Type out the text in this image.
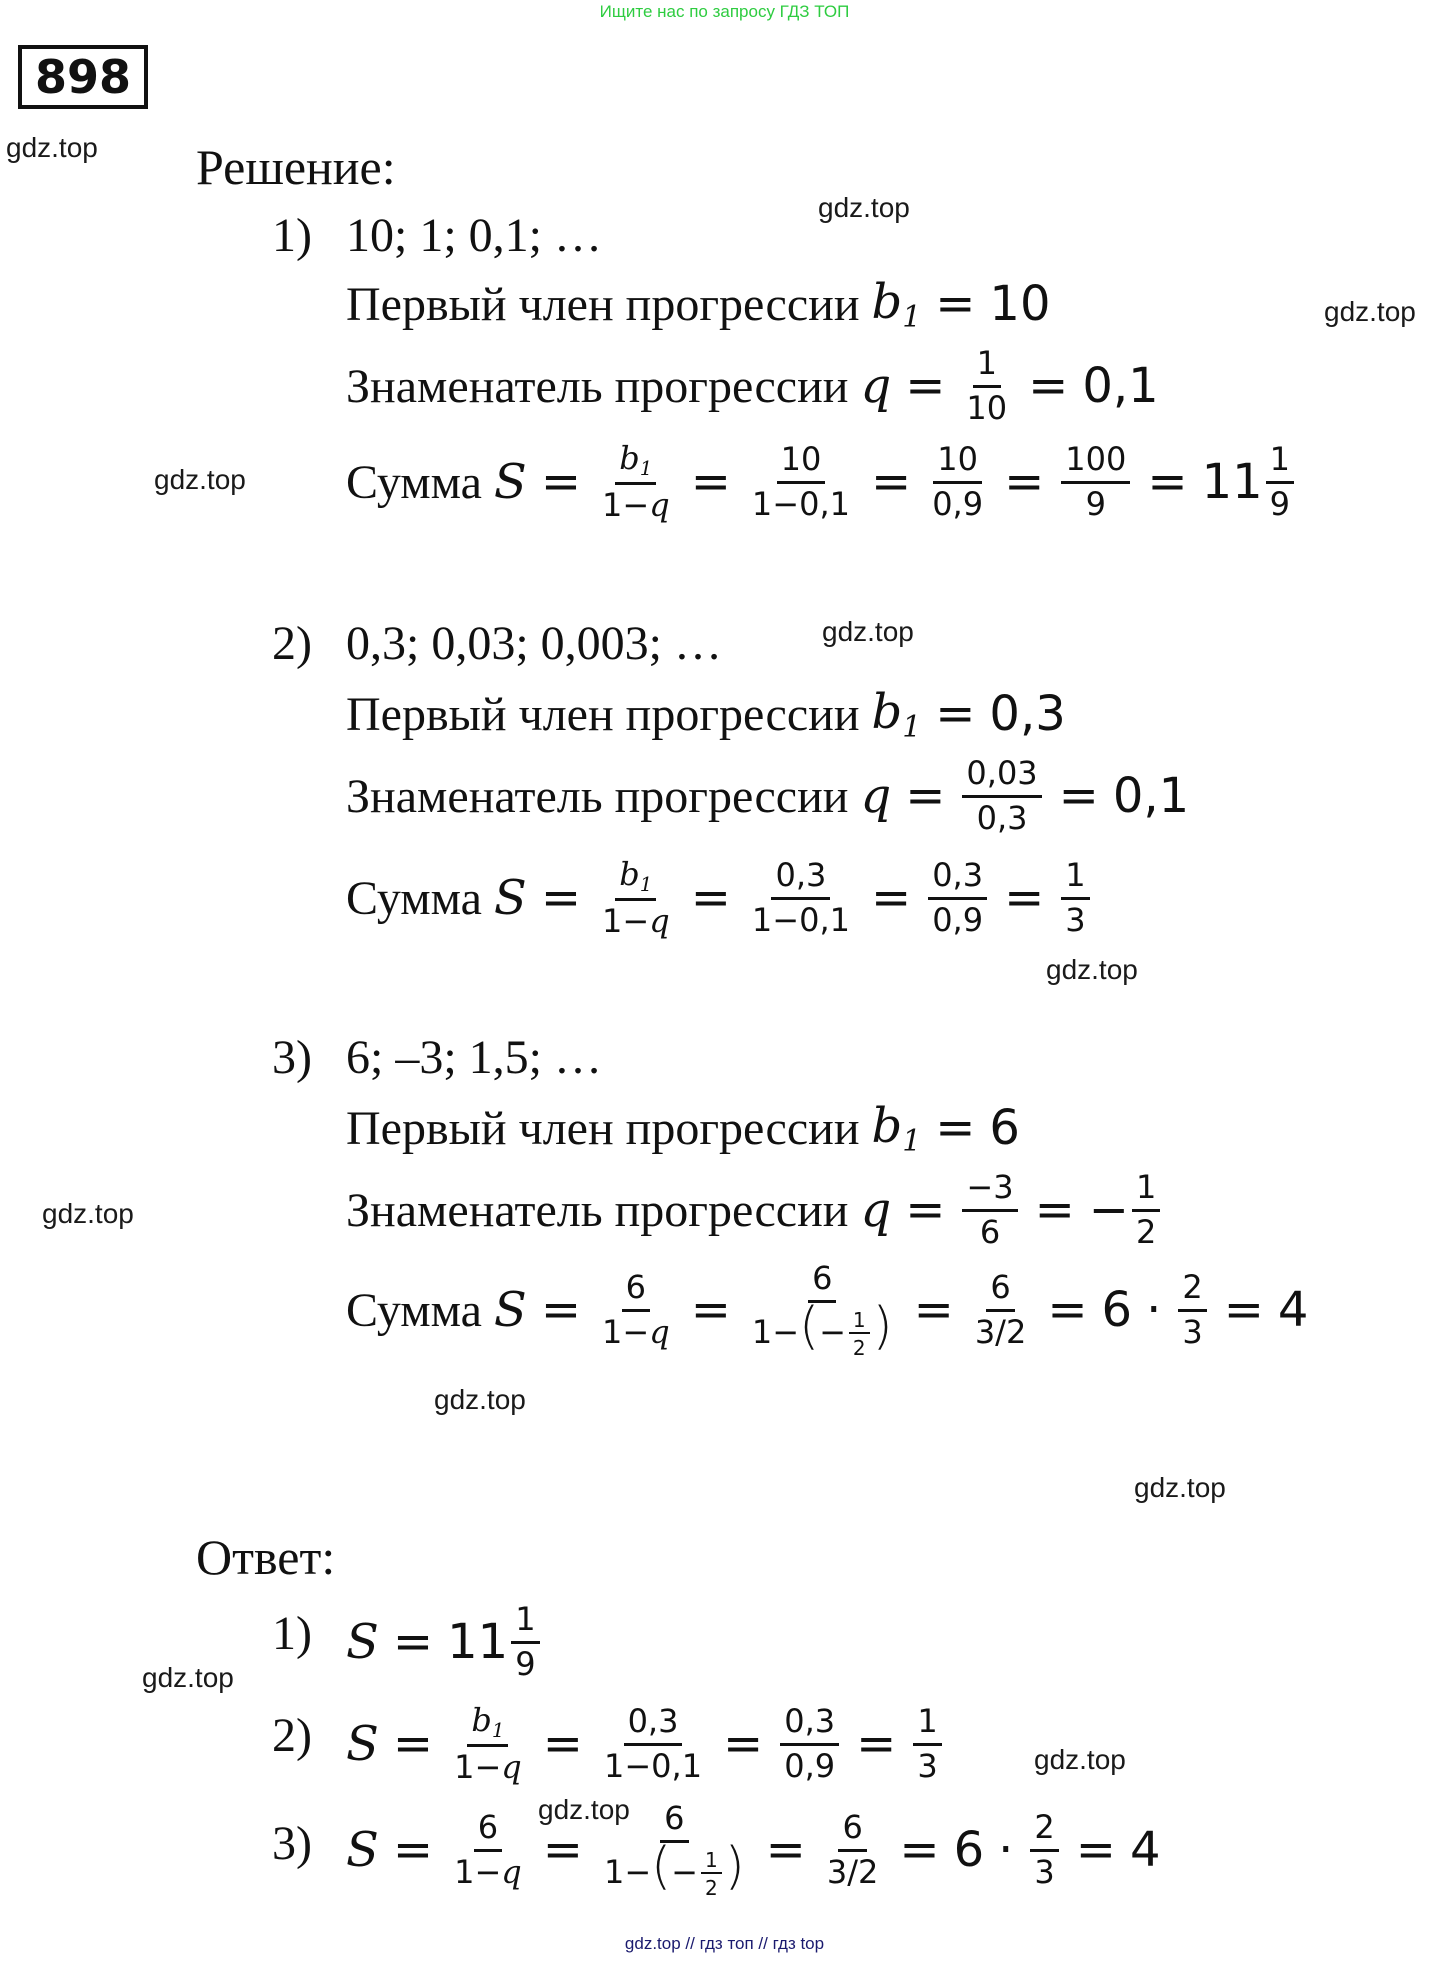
Ищите нас по запросу ГДЗ ТОП
898
gdz.top
gdz.top
gdz.top
gdz.top
gdz.top
gdz.top
gdz.top
gdz.top
gdz.top
gdz.top
gdz.top
gdz.top
Решение:
1) 10; 1; 0,1; …
Первый член прогрессии $b_1 = 10$
Знаменатель прогрессии $q = \frac{1}{10} = 0,1$
Сумма $S = \frac{b_1}{1-q} = \frac{10}{1-0,1} = \frac{10}{0,9} = \frac{100}{9} = 11 \frac{1}{9}$
2) 0,3; 0,03; 0,003; …
Первый член прогрессии $b_1 = 0,3$
Знаменатель прогрессии $q = \frac{0,03}{0,3} = 0,1$
Сумма $S = \frac{b_1}{1-q} = \frac{0,3}{1-0,1} = \frac{0,3}{0,9} = \frac{1}{3}$
3) 6; –3; 1,5; …
Первый член прогрессии $b_1 = 6$
Знаменатель прогрессии $q = \frac{-3}{6}$ = − $\frac{1}{2}$
Сумма $S = \frac{6}{1-q} = \frac{6}{1-(- \frac{1}{2} )} = \frac{6}{3/2} = 6 \cdot \frac{2}{3} = 4$
Ответ:
1) $S = 11 \frac{1}{9}$
2) $S = \frac{b_1}{1-q} = \frac{0,3}{1-0,1} = \frac{0,3}{0,9} = \frac{1}{3}$
3) $S = \frac{6}{1-q} = \frac{6}{1-(- \frac{1}{2} )} = \frac{6}{3/2} = 6 \cdot \frac{2}{3} = 4$
gdz.top // гдз топ // гдз top
